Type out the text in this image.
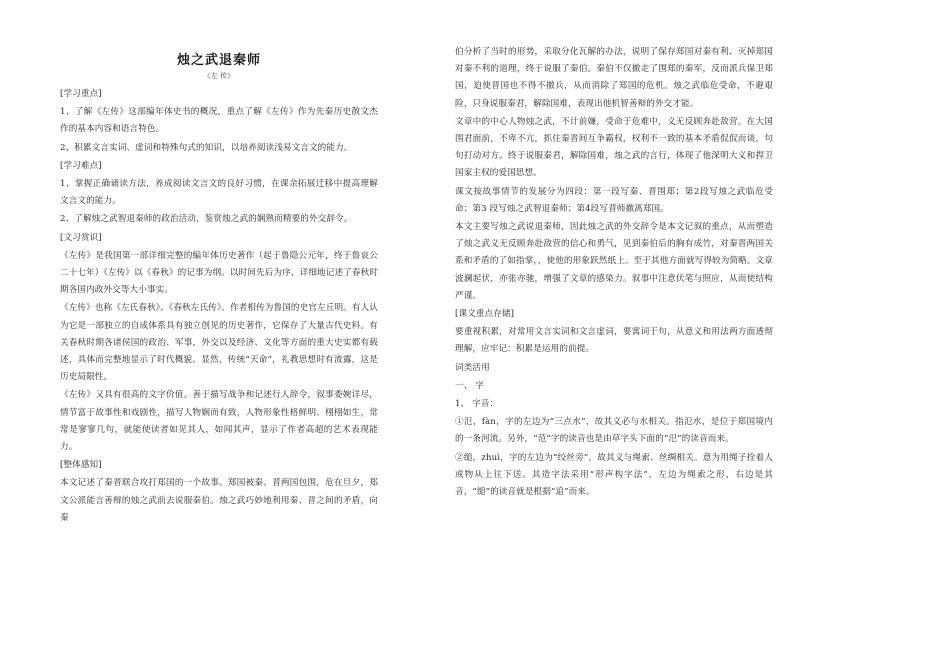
烛之武退秦师
《左 传》
[学习重点]
1、了解《左传》这部编年体史书的概况，重点了解《左传》作为先秦历史散文杰作的基本内容和语言特色。
2、积累文言实词、虚词和特殊句式的知识，以培养阅读浅易文言文的能力。
[学习难点]
1、掌握正确诵读方法，养成阅读文言文的良好习惯，在课余拓展迁移中提高理解文言文的能力。
2、了解烛之武智退秦师的政治活动，鉴赏烛之武的娴熟而精要的外交辞令。
[文习赏识]
《左传》是我国第一部详细完整的编年体历史著作（起于鲁隐公元年，终于鲁哀公二十七年）《左传》以《春秋》的记事为纲。以时间先后为序，详细地记述了春秋时期各国内政外交等大小事实。
《左传》也称《左氏春秋》、《春秋左氏传》。作者相传为鲁国的史官左丘明。有人认为它是一部独立的自成体系具有独立创见的历史著作，它保存了大量古代史料。有关春秋时期各诸侯国的政治、军事，外交以及经济、文化等方面的重大史实都有载述，具体而完整地显示了时代概貌。显然，传统“天命”，礼教思想时有流露，这是历史局限性。
《左传》又具有很高的文字价值。善于描写战争和记述行人辞令，叙事委婉详尽，情节富于故事性和戏剧性，描写人物娴而有致，人物形象性格鲜明、栩栩如生，常常是寥寥几句，就能使读者如见其人，如闻其声，显示了作者高超的艺术表现能力。
[整体感知]
本文记述了秦晋联合攻打郑国的一个故事。郑国被秦、晋两国包围，危在旦夕，郑文公派能言善辩的烛之武前去说服秦伯。烛之武巧妙地利用秦、晋之间的矛盾，向秦
伯分析了当时的形势，采取分化瓦解的办法，说明了保存郑国对秦有利、灭掉郑国对秦不利的道理，终于说服了秦伯。秦伯不仅撤走了围郑的秦军，反而派兵保卫郑国，迫使晋国也不得不撤兵，从而消除了郑国的危机。烛之武临危受命，不避艰险，只身说服秦君，解除国难，表现出他机智善辩的外交才能。
文章中的中心人物烛之武，不计前嫌，受命于危难中，义无反顾奔赴敌营。在大国围君面前，不卑不亢，抓住秦晋间互争霸权，权利不一致的基本矛盾侃侃而谈，句句打动对方。终于说服秦君，解除国难，烛之武的言行，体现了他深明大义和捍卫国家主权的爱国思想。
课文按故事情节的发展分为四段：第一段写秦、晋围郑；第2段写烛之武临危受命；第3 段写烛之武智退秦师；第4段写晋师撤离郑国。
本文主要写烛之武说退秦师，因此烛之武的外交辞令是本文记叙的重点，从而塑造了烛之武义无反顾奔赴敌营的信心和勇气，见到秦伯后的胸有成竹，对秦晋两国关系和矛盾的了如指掌，，使他的形象跃然纸上。至于其他方面就写得较为简略。文章波澜起伏，亦张亦驰，增强了文章的感染力。叙事中注意伏笔与照应，从而使结构严谨。
[课文重点存储]
要重视积累，对常用文言实词和文言虚词，要寓词于句，从意义和用法两方面透彻理解，应牢记：积累是运用的前提。
词类活用
一、 字
1、 字音：
①氾，fàn，字的左边为“三点水”，故其义必与水相关。指氾水，是位于郑国境内的一条河流。另外，“范”字的读音也是由草字头下面的“氾”的读音而来。
②缒，zhuì，字的左边为“绞丝旁”，故其义与绳索、丝绸相关。意为用绳子拴着人或物从上往下送。其造字法采用“形声构字法”，左边为绳索之形，右边是其音，“缒”的读音就是根据“追”而来。
